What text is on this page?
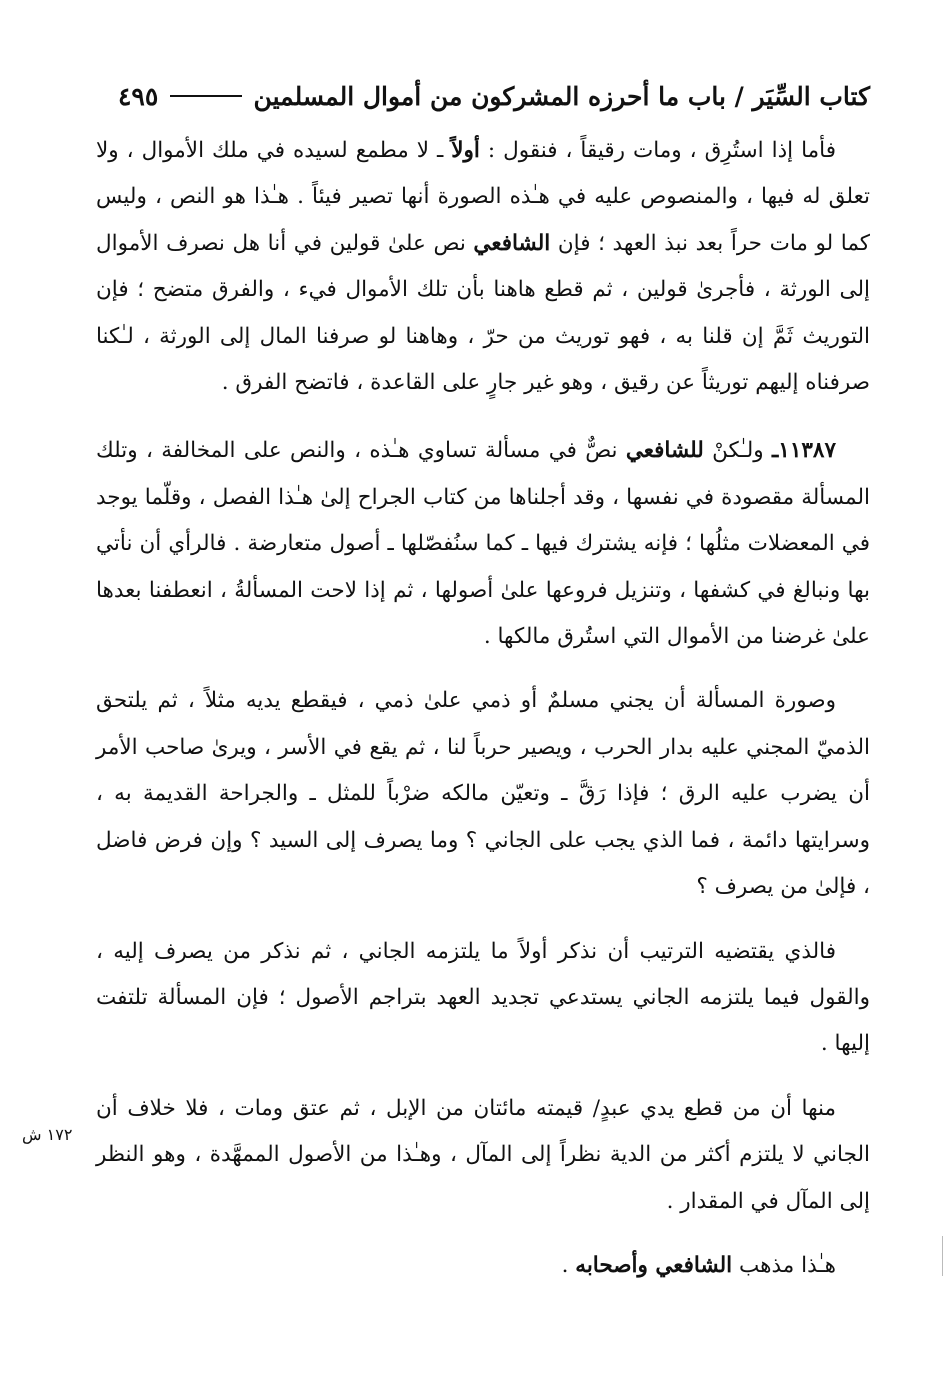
كتاب السِّيَر / باب ما أحرزه المشركون من أموال المسلمين
٤٩٥

فأما إذا استُرِق ، ومات رقيقاً ، فنقول : أولاً ـ لا مطمع لسيده في ملك الأموال ، ولا تعلق له فيها ، والمنصوص عليه في هـٰذه الصورة أنها تصير فيئاً . هـٰذا هو النص ، وليس كما لو مات حراً بعد نبذ العهد ؛ فإن الشافعي نص علىٰ قولين في أنا هل نصرف الأموال إلى الورثة ، فأجرىٰ قولين ، ثم قطع هاهنا بأن تلك الأموال فيء ، والفرق متضح ؛ فإن التوريث ثَمَّ إن قلنا به ، فهو توريث من حرّ ، وهاهنا لو صرفنا المال إلى الورثة ، لـٰكنا صرفناه إليهم توريثاً عن رقيق ، وهو غير جارٍ على القاعدة ، فاتضح الفرق .

١١٣٨٧ـ ولـٰكنْ للشافعي نصٌّ في مسألة تساوي هـٰذه ، والنص على المخالفة ، وتلك المسألة مقصودة في نفسها ، وقد أجلناها من كتاب الجراح إلىٰ هـٰذا الفصل ، وقلّما يوجد في المعضلات مثلُها ؛ فإنه يشترك فيها ـ كما سنُفصّلها ـ أصول متعارضة . فالرأي أن نأتي بها ونبالغ في كشفها ، وتنزيل فروعها علىٰ أصولها ، ثم إذا لاحت المسألةُ ، انعطفنا بعدها علىٰ غرضنا من الأموال التي استُرق مالكها .

وصورة المسألة أن يجني مسلمٌ أو ذمي علىٰ ذمي ، فيقطع يديه مثلاً ، ثم يلتحق الذميّ المجني عليه بدار الحرب ، ويصير حرباً لنا ، ثم يقع في الأسر ، ويرىٰ صاحب الأمر أن يضرب عليه الرق ؛ فإذا رَقَّ ـ وتعيّن مالكه ضرْباً للمثل ـ والجراحة القديمة به ، وسرايتها دائمة ، فما الذي يجب على الجاني ؟ وما يصرف إلى السيد ؟ وإن فرض فاضل ، فإلىٰ من يصرف ؟

فالذي يقتضيه الترتيب أن نذكر أولاً ما يلتزمه الجاني ، ثم نذكر من يصرف إليه ، والقول فيما يلتزمه الجاني يستدعي تجديد العهد بتراجم الأصول ؛ فإن المسألة تلتفت إليها .

منها أن من قطع يدي عبدٍ/ قيمته مائتان من الإبل ، ثم عتق ومات ، فلا خلاف أن الجاني لا يلتزم أكثر من الدية نظراً إلى المآل ، وهـٰذا من الأصول الممهَّدة ، وهو النظر إلى المآل في المقدار .

هـٰذا مذهب الشافعي وأصحابه .

١٧٢ ش
